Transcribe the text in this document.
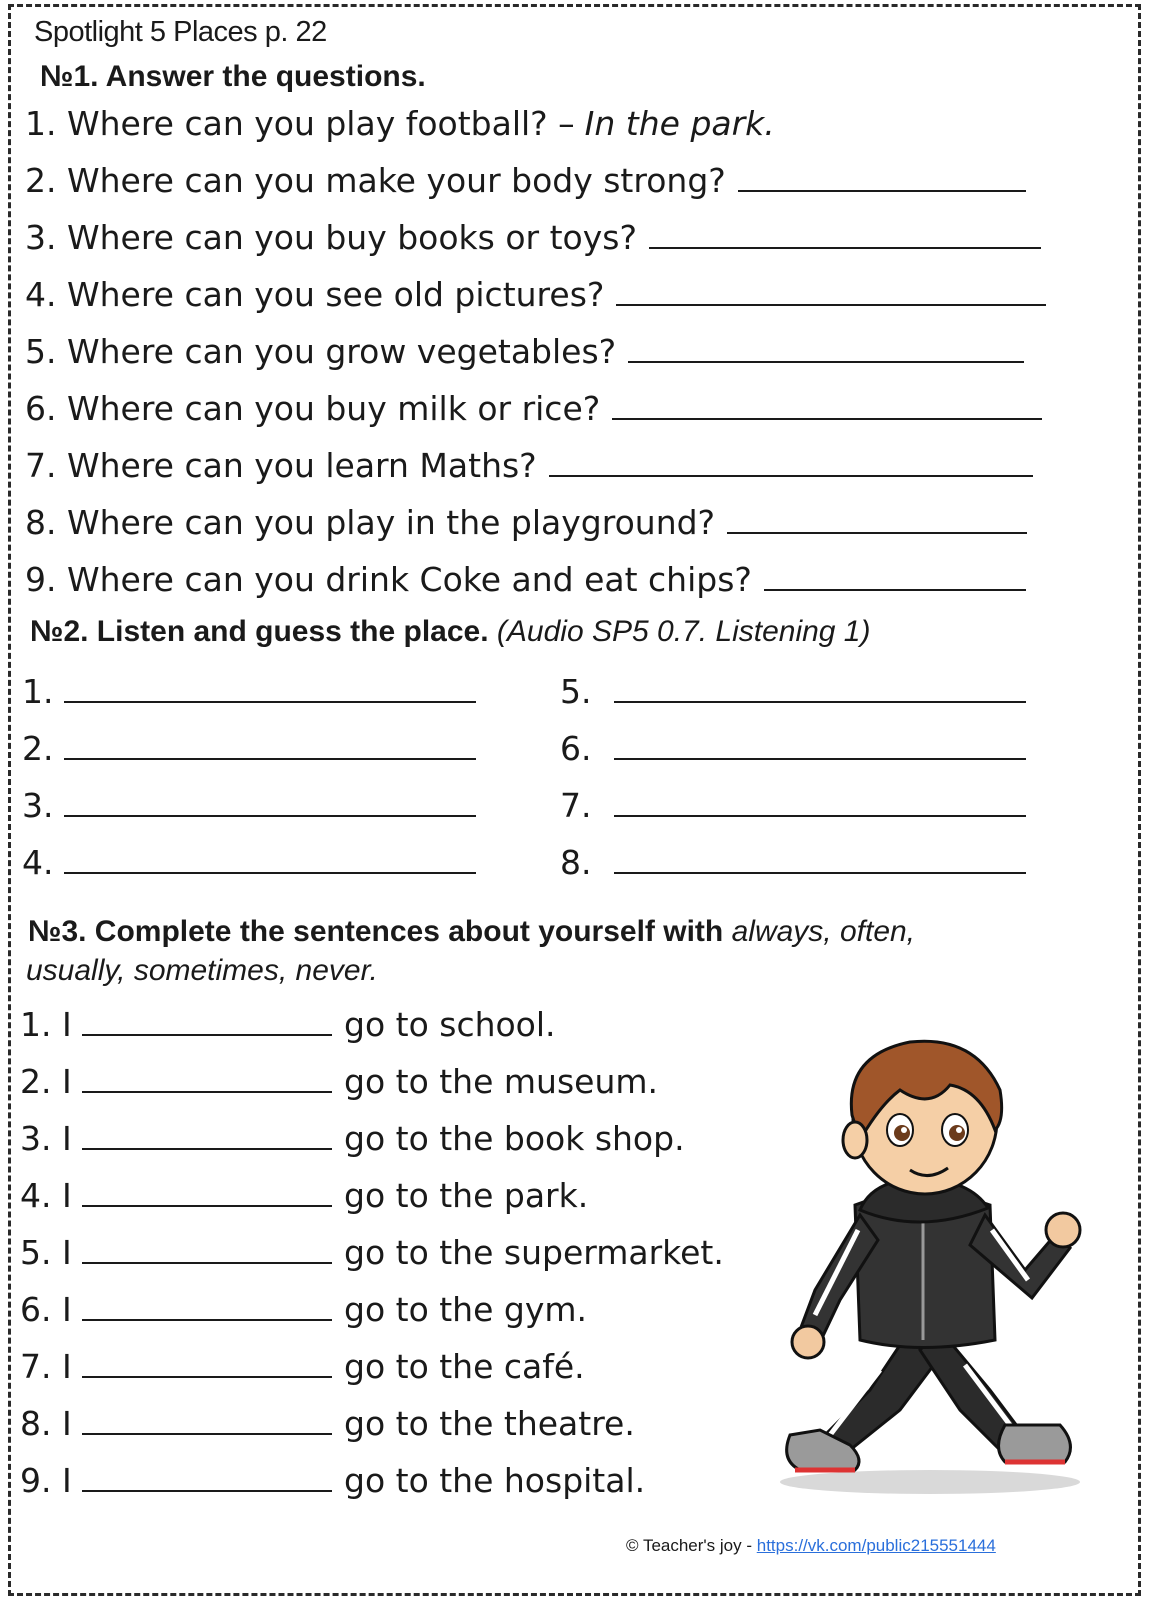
Spotlight 5 Places p. 22
№1. Answer the questions.
1. Where can you play football? – In the park.
2. Where can you make your body strong?
3. Where can you buy books or toys?
4. Where can you see old pictures?
5. Where can you grow vegetables?
6. Where can you buy milk or rice?
7. Where can you learn Maths?
8. Where can you play in the playground?
9. Where can you drink Coke and eat chips?
№2. Listen and guess the place. (Audio SP5 0.7. Listening 1)
1.
2.
3.
4.
5.
6.
7.
8.
№3. Complete the sentences about yourself with always, often,
usually, sometimes, never.
1. I	go to school.
2. I	go to the museum.
3. I	go to the book shop.
4. I	go to the park.
5. I	go to the supermarket.
6. I	go to the gym.
7. I	go to the café.
8. I	go to the theatre.
9. I	go to the hospital.
© Teacher's joy - https://vk.com/public215551444
